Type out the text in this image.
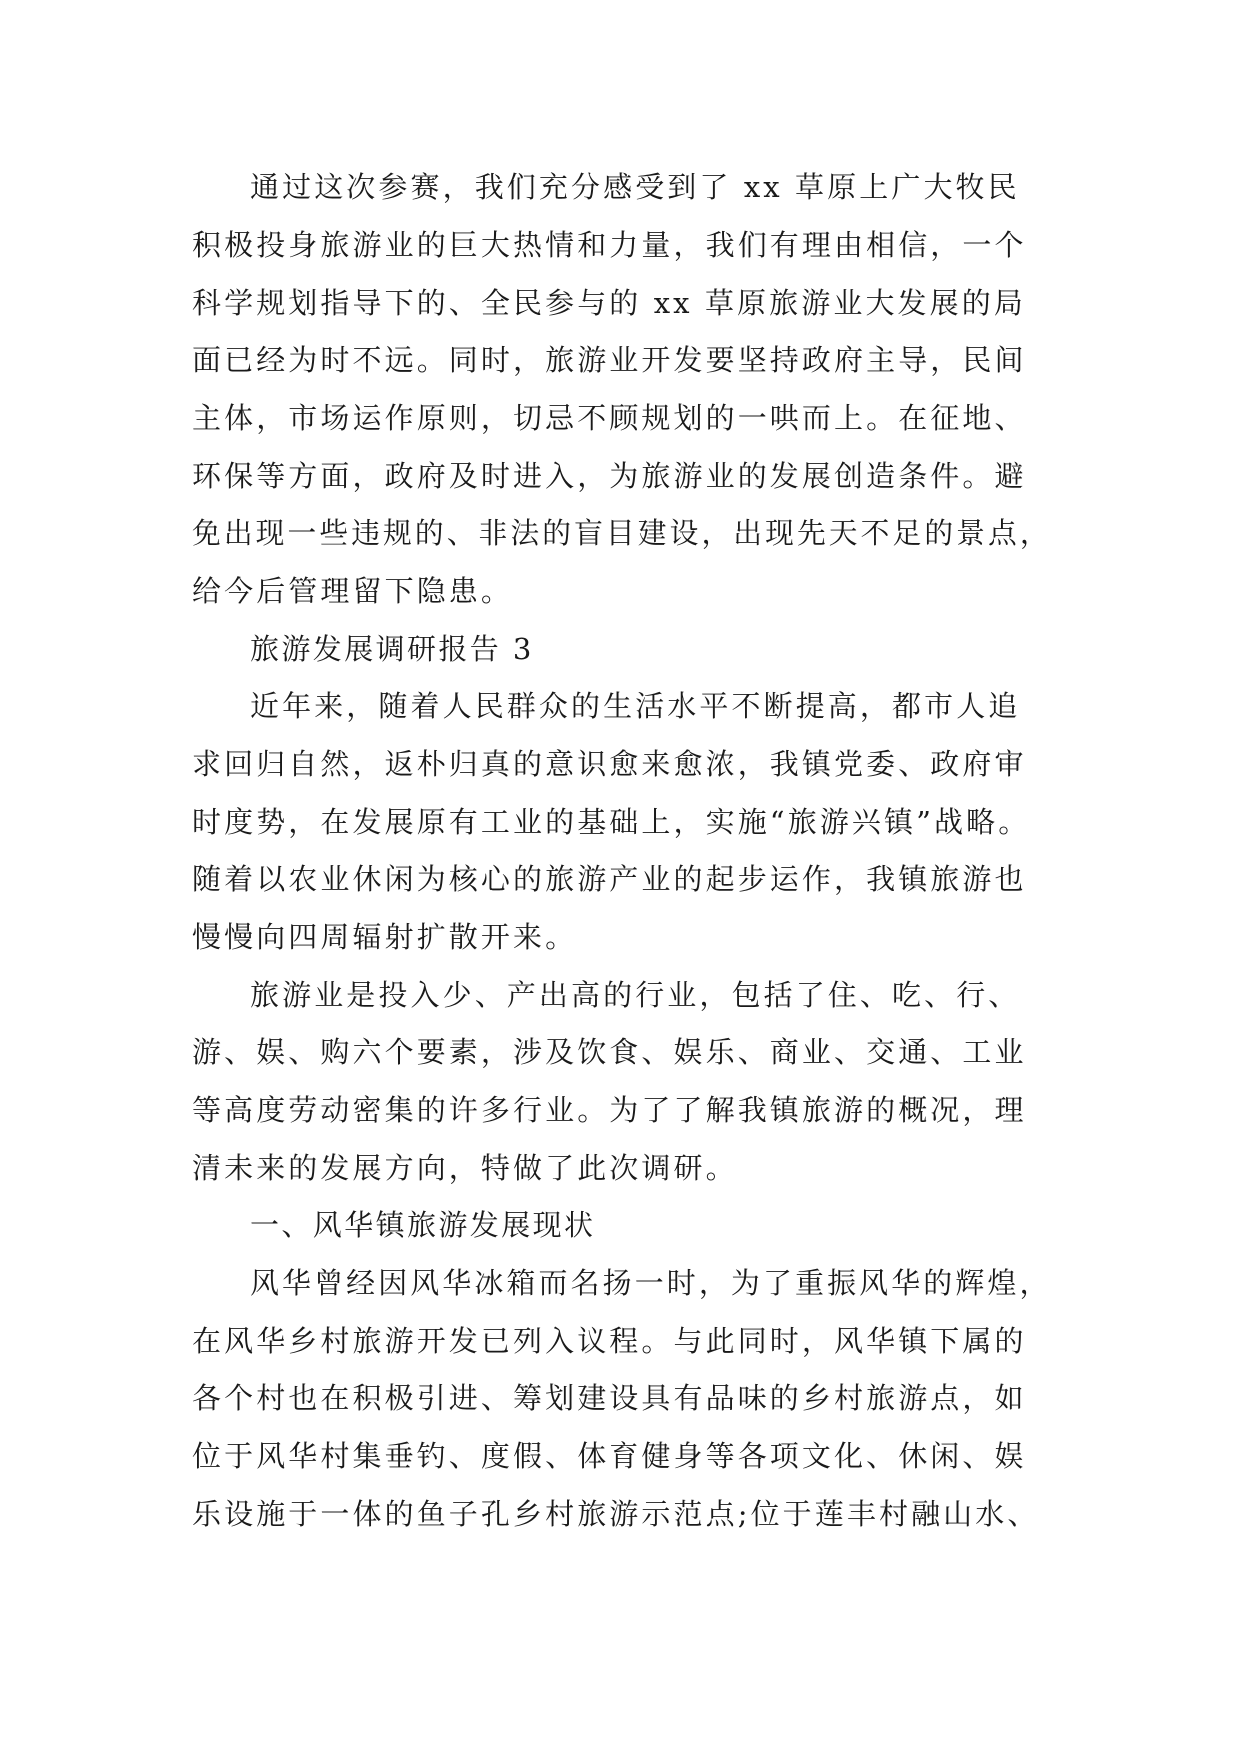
通过这次参赛，我们充分感受到了 xx 草原上广大牧民
积极投身旅游业的巨大热情和力量，我们有理由相信，一个
科学规划指导下的、全民参与的 xx 草原旅游业大发展的局
面已经为时不远。同时，旅游业开发要坚持政府主导，民间
主体，市场运作原则，切忌不顾规划的一哄而上。在征地、
环保等方面，政府及时进入，为旅游业的发展创造条件。避
免出现一些违规的、非法的盲目建设，出现先天不足的景点，
给今后管理留下隐患。
旅游发展调研报告 3
近年来，随着人民群众的生活水平不断提高，都市人追
求回归自然，返朴归真的意识愈来愈浓，我镇党委、政府审
时度势，在发展原有工业的基础上，实施“旅游兴镇”战略。
随着以农业休闲为核心的旅游产业的起步运作，我镇旅游也
慢慢向四周辐射扩散开来。
旅游业是投入少、产出高的行业，包括了住、吃、行、
游、娱、购六个要素，涉及饮食、娱乐、商业、交通、工业
等高度劳动密集的许多行业。为了了解我镇旅游的概况，理
清未来的发展方向，特做了此次调研。
一、风华镇旅游发展现状
风华曾经因风华冰箱而名扬一时，为了重振风华的辉煌，
在风华乡村旅游开发已列入议程。与此同时，风华镇下属的
各个村也在积极引进、筹划建设具有品味的乡村旅游点，如
位于风华村集垂钓、度假、体育健身等各项文化、休闲、娱
乐设施于一体的鱼子孔乡村旅游示范点;位于莲丰村融山水、
